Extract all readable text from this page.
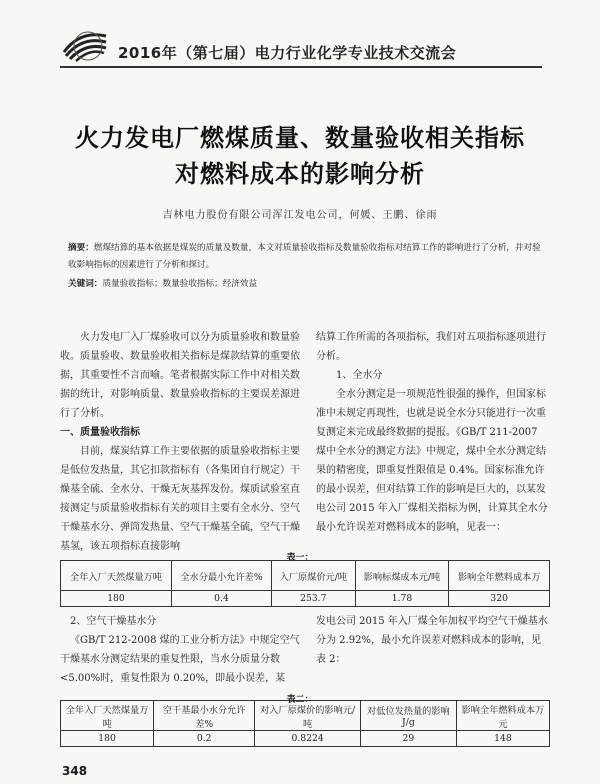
2016年（第七届）电力行业化学专业技术交流会
火力发电厂燃煤质量、数量验收相关指标
对燃料成本的影响分析
吉林电力股份有限公司浑江发电公司，何媛、王鹏、徐雨
摘要：燃煤结算的基本依据是煤炭的质量及数量，本文对质量验收指标及数量验收指标对结算工作的影响进行了分析，并对验收影响指标的因素进行了分析和探讨。
关键词：质量验收指标；数量验收指标；经济效益

火力发电厂入厂煤验收可以分为质量验收和数量验收。质量验收、数量验收相关指标是煤款结算的重要依据，其重要性不言而喻。笔者根据实际工作中对相关数据的统计，对影响质量、数量验收指标的主要误差源进行了分析。

一、质量验收指标

目前，煤炭结算工作主要依据的质量验收指标主要是低位发热量，其它扣款指标有（各集团自行规定）干燥基全硫、全水分、干燥无灰基挥发份。煤质试验室直接测定与质量验收指标有关的项目主要有全水分、空气干燥基水分、弹筒发热量、空气干燥基全硫，空气干燥基氢，该五项指标直接影响

结算工作所需的各项指标，我们对五项指标逐项进行分析。

1、全水分

全水分测定是一项规范性很强的操作，但国家标准中未规定再现性，也就是说全水分只能进行一次重复测定来完成最终数据的提报。《GB/T 211-2007 煤中全水分的测定方法》中规定，煤中全水分测定结果的精密度，即重复性限值是 0.4%。国家标准允许的最小误差，但对结算工作的影响是巨大的，以某发电公司 2015 年入厂煤相关指标为例，计算其全水分最小允许误差对燃料成本的影响，见表一：

表一：
全年入厂天然煤量万吨	全水分最小允许差%	入厂原煤价元/吨	影响标煤成本元/吨	影响全年燃料成本万
180	0.4	253.7	1.78	320

2、空气干燥基水分

《GB/T 212-2008 煤的工业分析方法》中规定空气干燥基水分测定结果的重复性限，当水分质量分数<5.00%时，重复性限为 0.20%，即最小误差，某

发电公司 2015 年入厂煤全年加权平均空气干燥基水分为 2.92%，最小允许误差对燃料成本的影响，见表 2：

表二：
全年入厂天然煤量万吨	空干基最小水分允许差%	对入厂原煤价的影响元/吨	对低位发热量的影响J/g	影响全年燃料成本万元
180	0.2	0.8224	29	148
348
